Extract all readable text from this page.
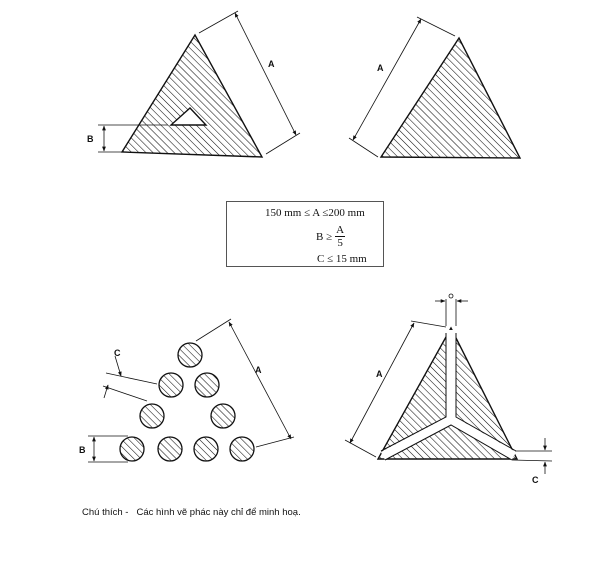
A
B
A
A
B
C
A
C
150 mm ≤ A ≤200 mm
$B \ge \frac{A}{5}$
C ≤ 15 mm
Chú thích - Các hình vẽ phác này chỉ để minh hoạ.
